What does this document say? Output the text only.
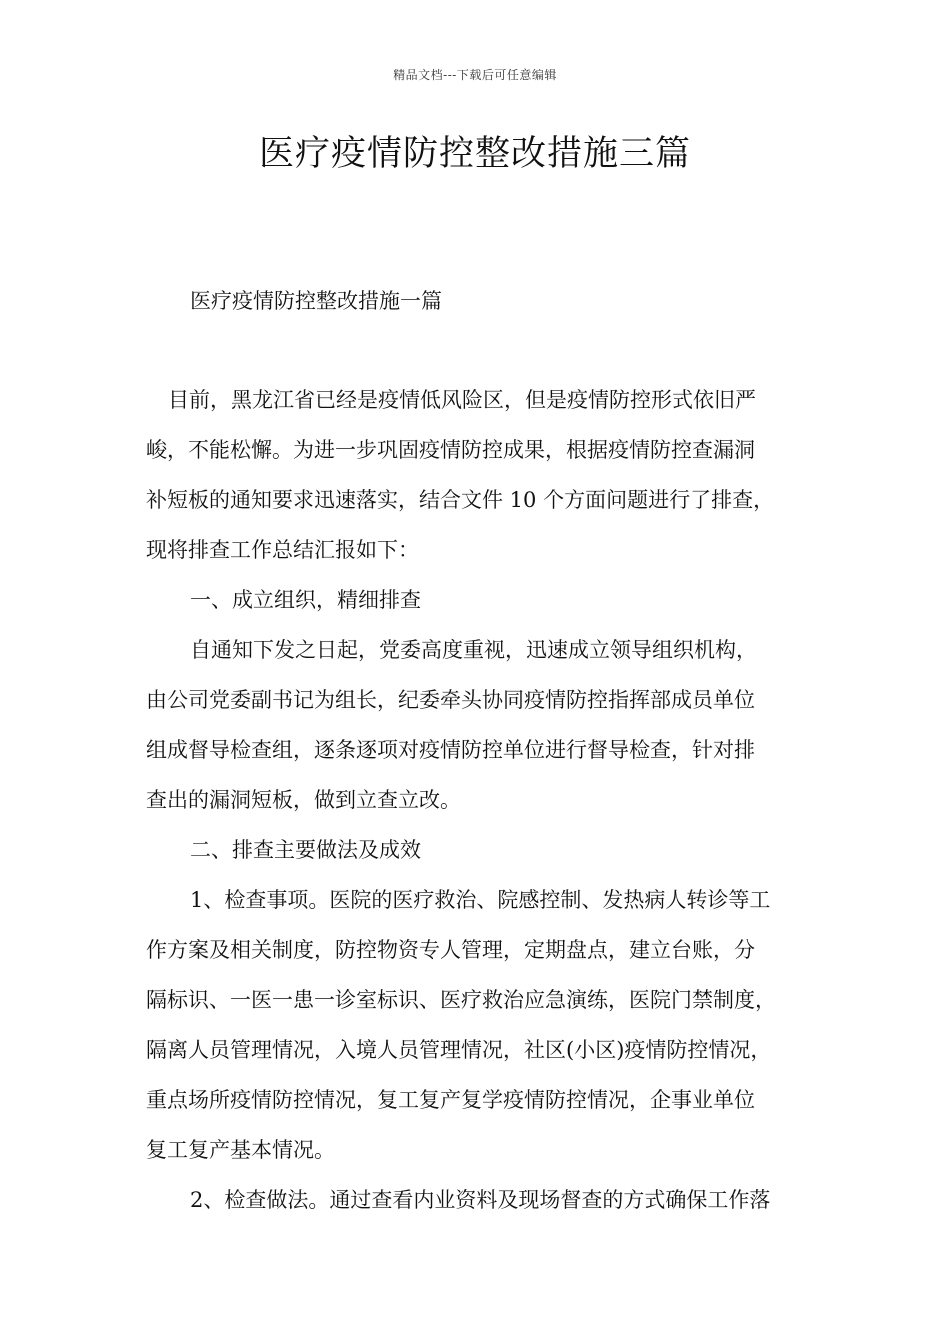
精品文档---下载后可任意编辑
医疗疫情防控整改措施三篇
医疗疫情防控整改措施一篇
目前，黑龙江省已经是疫情低风险区，但是疫情防控形式依旧严
峻，不能松懈。为进一步巩固疫情防控成果，根据疫情防控查漏洞
补短板的通知要求迅速落实，结合文件 10 个方面问题进行了排查，
现将排查工作总结汇报如下：
一、成立组织，精细排查
自通知下发之日起，党委高度重视，迅速成立领导组织机构，
由公司党委副书记为组长，纪委牵头协同疫情防控指挥部成员单位
组成督导检查组，逐条逐项对疫情防控单位进行督导检查，针对排
查出的漏洞短板，做到立查立改。
二、排查主要做法及成效
1、检查事项。医院的医疗救治、院感控制、发热病人转诊等工
作方案及相关制度，防控物资专人管理，定期盘点，建立台账，分
隔标识、一医一患一诊室标识、医疗救治应急演练，医院门禁制度，
隔离人员管理情况，入境人员管理情况，社区(小区)疫情防控情况，
重点场所疫情防控情况，复工复产复学疫情防控情况，企事业单位
复工复产基本情况。
2、检查做法。通过查看内业资料及现场督查的方式确保工作落
